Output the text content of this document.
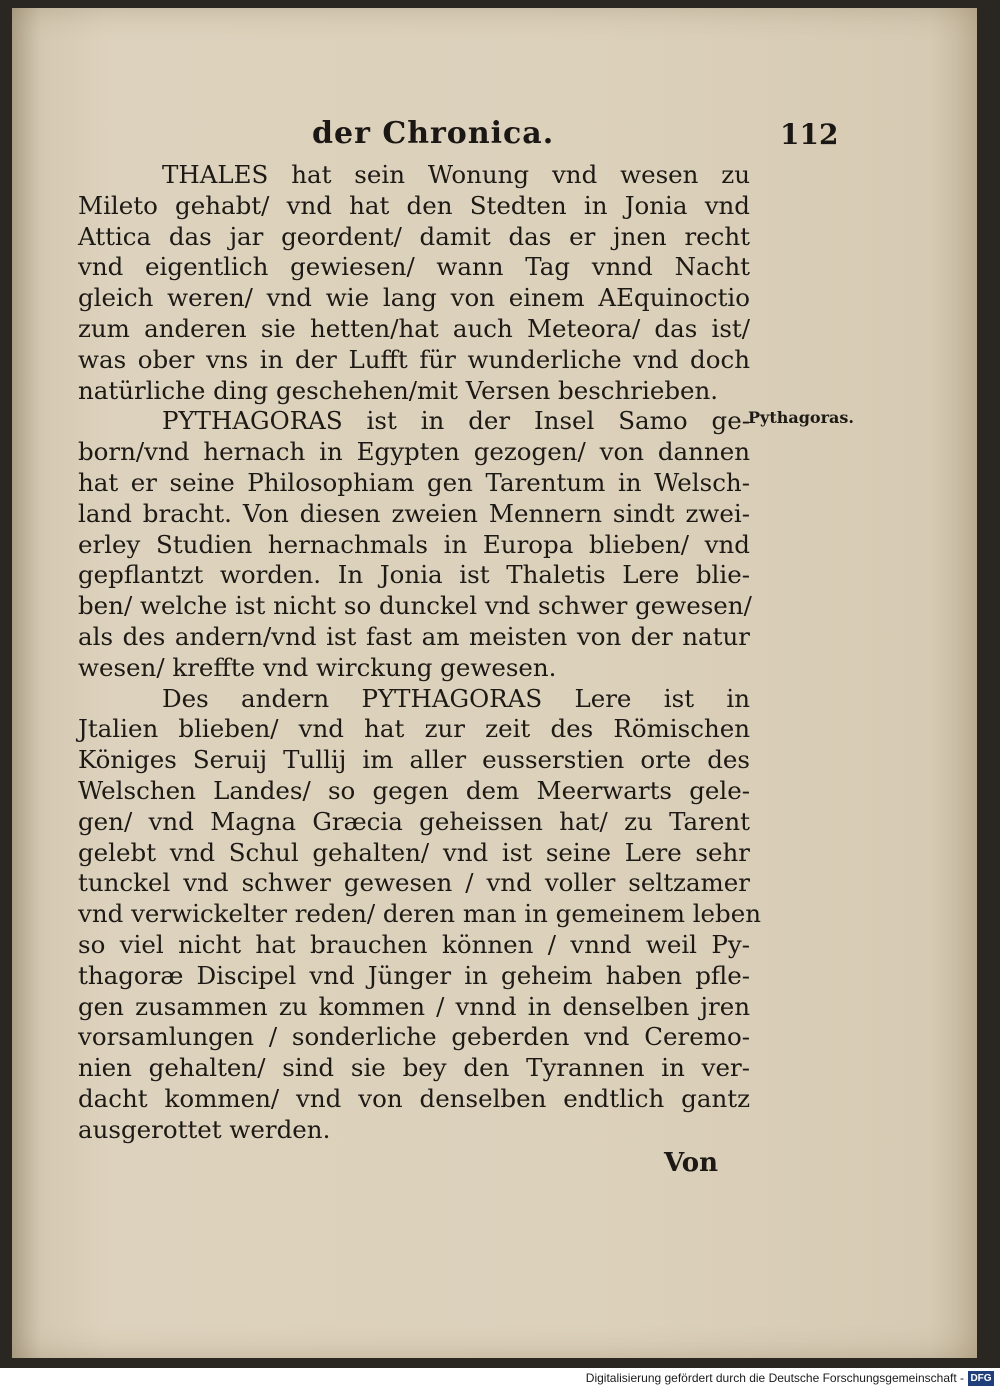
der Chronica.	112
THALES hat sein Wonung vnd wesen zu
Mileto gehabt/ vnd hat den Stedten in Jonia vnd
Attica das jar geordent/ damit das er jnen recht
vnd eigentlich gewiesen/ wann Tag vnnd Nacht
gleich weren/ vnd wie lang von einem AEquinoctio
zum anderen sie hetten/hat auch Meteora/ das ist/
was ober vns in der Lufft für wunderliche vnd doch
natürliche ding geschehen/mit Versen beschrieben.
PYTHAGORAS ist in der Insel Samo ge-
born/vnd hernach in Egypten gezogen/ von dannen
hat er seine Philosophiam gen Tarentum in Welsch-
land bracht. Von diesen zweien Mennern sindt zwei-
erley Studien hernachmals in Europa blieben/ vnd
gepflantzt worden. In Jonia ist Thaletis Lere blie-
ben/ welche ist nicht so dunckel vnd schwer gewesen/
als des andern/vnd ist fast am meisten von der natur
wesen/ kreffte vnd wirckung gewesen.
Des andern PYTHAGORAS Lere ist in
Jtalien blieben/ vnd hat zur zeit des Römischen
Königes Seruij Tullij im aller eusserstien orte des
Welschen Landes/ so gegen dem Meerwarts gele-
gen/ vnd Magna Græcia geheissen hat/ zu Tarent
gelebt vnd Schul gehalten/ vnd ist seine Lere sehr
tunckel vnd schwer gewesen / vnd voller seltzamer
vnd verwickelter reden/ deren man in gemeinem leben
so viel nicht hat brauchen können / vnnd weil Py-
thagoræ Discipel vnd Jünger in geheim haben pfle-
gen zusammen zu kommen / vnnd in denselben jren
vorsamlungen / sonderliche geberden vnd Ceremo-
nien gehalten/ sind sie bey den Tyrannen in ver-
dacht kommen/ vnd von denselben endtlich gantz
ausgerottet werden.
Pythagoras.
Von
Digitalisierung gefördert durch die Deutsche Forschungsgemeinschaft - DFG
